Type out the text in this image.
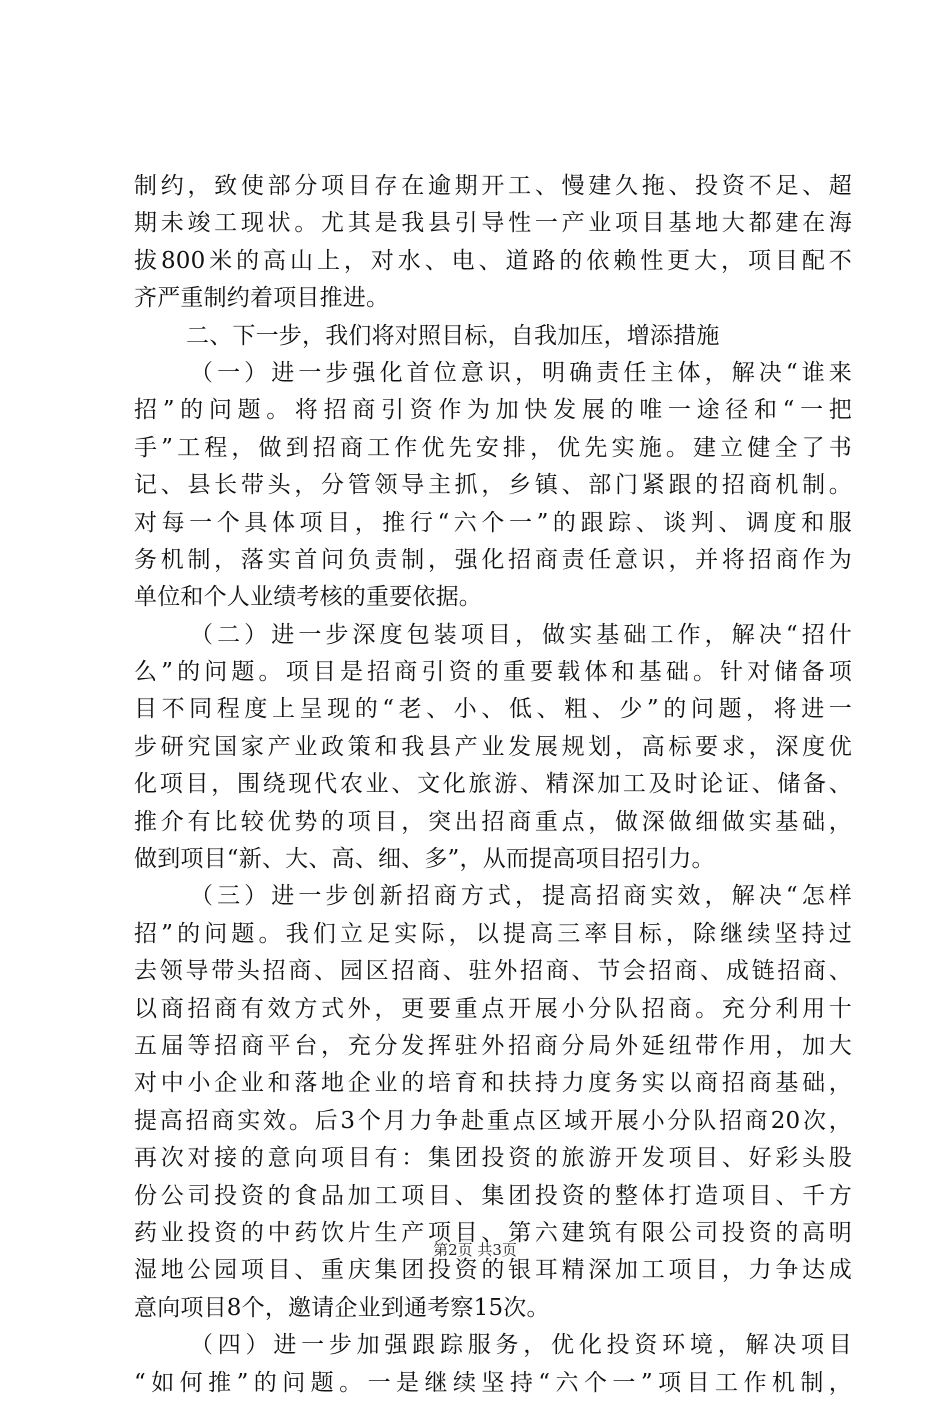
制约，致使部分项目存在逾期开工、慢建久拖、投资不足、超
期未竣工现状。尤其是我县引导性一产业项目基地大都建在海
拔800米的高山上，对水、电、道路的依赖性更大，项目配不
齐严重制约着项目推进。
二、下一步，我们将对照目标，自我加压，增添措施
（一）进一步强化首位意识，明确责任主体，解决“谁来
招”的问题。将招商引资作为加快发展的唯一途径和“一把
手”工程，做到招商工作优先安排，优先实施。建立健全了书
记、县长带头，分管领导主抓，乡镇、部门紧跟的招商机制。
对每一个具体项目，推行“六个一”的跟踪、谈判、调度和服
务机制，落实首问负责制，强化招商责任意识，并将招商作为
单位和个人业绩考核的重要依据。
（二）进一步深度包装项目，做实基础工作，解决“招什
么”的问题。项目是招商引资的重要载体和基础。针对储备项
目不同程度上呈现的“老、小、低、粗、少”的问题，将进一
步研究国家产业政策和我县产业发展规划，高标要求，深度优
化项目，围绕现代农业、文化旅游、精深加工及时论证、储备、
推介有比较优势的项目，突出招商重点，做深做细做实基础，
做到项目“新、大、高、细、多”，从而提高项目招引力。
（三）进一步创新招商方式，提高招商实效，解决“怎样
招”的问题。我们立足实际，以提高三率目标，除继续坚持过
去领导带头招商、园区招商、驻外招商、节会招商、成链招商、
以商招商有效方式外，更要重点开展小分队招商。充分利用十
五届等招商平台，充分发挥驻外招商分局外延纽带作用，加大
对中小企业和落地企业的培育和扶持力度务实以商招商基础，
提高招商实效。后3个月力争赴重点区域开展小分队招商20次，
再次对接的意向项目有：集团投资的旅游开发项目、好彩头股
份公司投资的食品加工项目、集团投资的整体打造项目、千方
药业投资的中药饮片生产项目、第六建筑有限公司投资的高明
湿地公园项目、重庆集团投资的银耳精深加工项目，力争达成
意向项目8个，邀请企业到通考察15次。
（四）进一步加强跟踪服务，优化投资环境，解决项目
“如何推”的问题。一是继续坚持“六个一”项目工作机制，
第2页 共3页
